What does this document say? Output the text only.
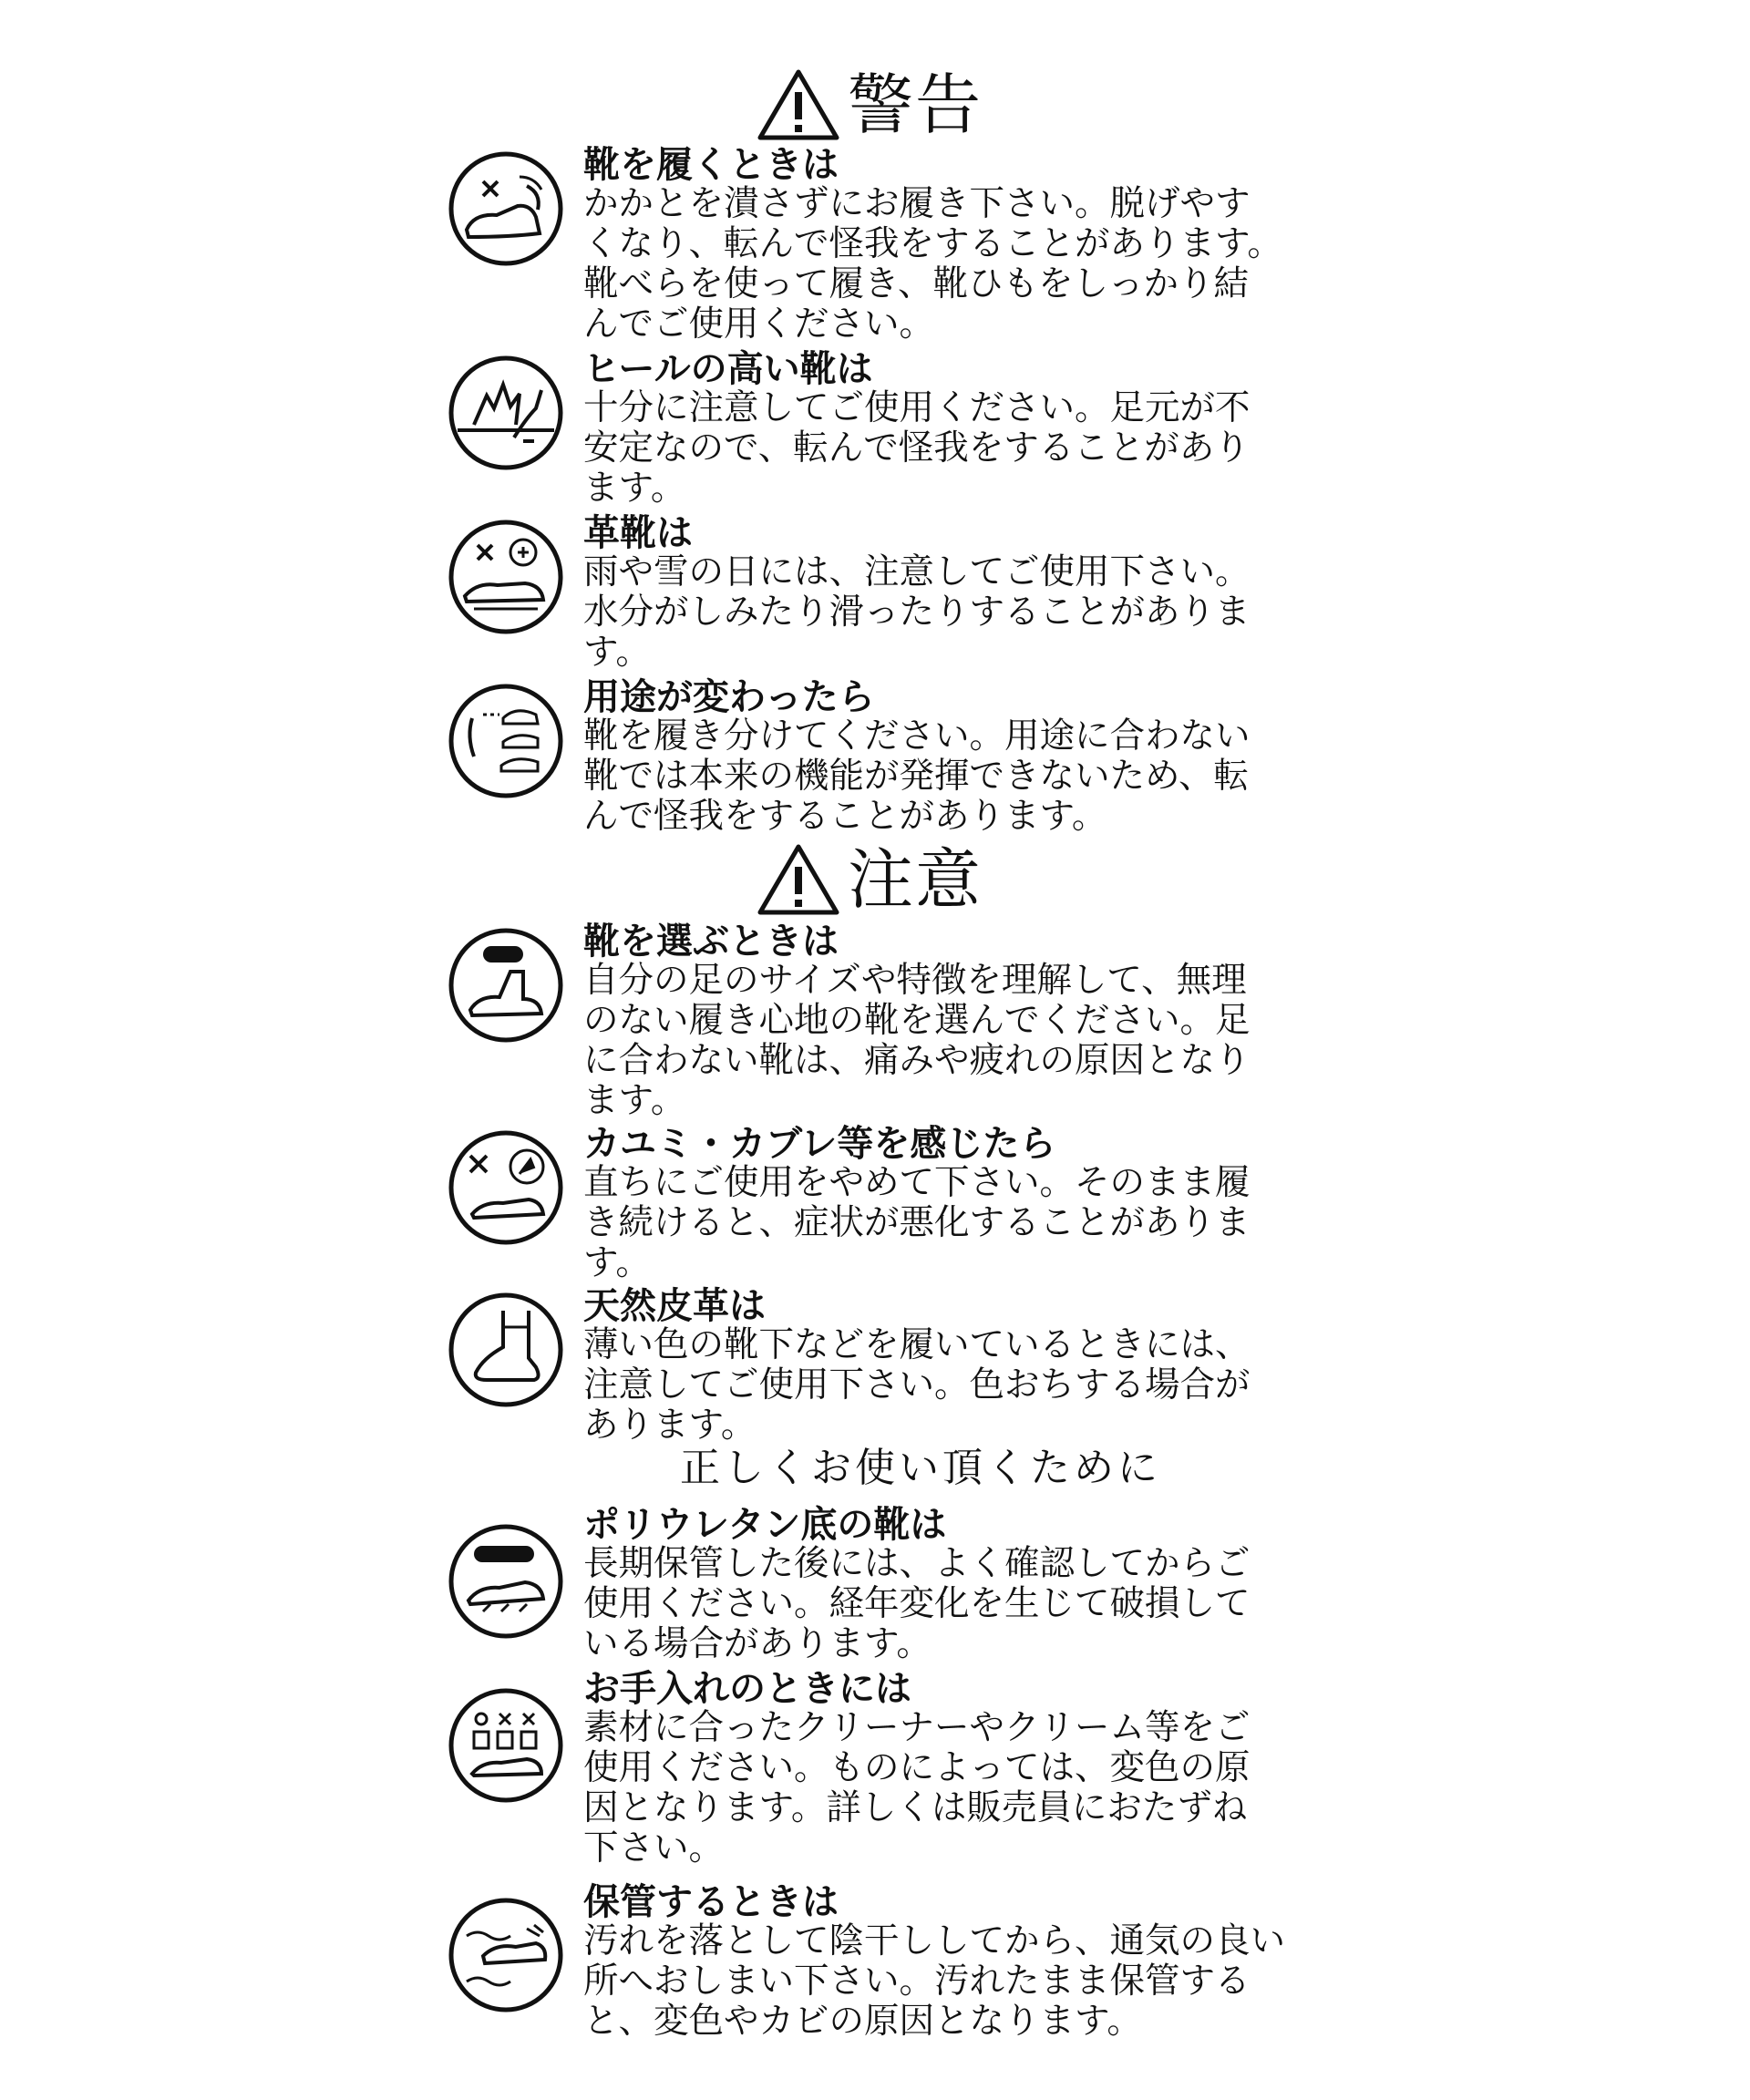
警告
靴を履くときは
かかとを潰さずにお履き下さい。脱げやす
くなり、転んで怪我をすることがあります。
靴べらを使って履き、靴ひもをしっかり結
んでご使用ください。
ヒールの高い靴は
十分に注意してご使用ください。足元が不
安定なので、転んで怪我をすることがあり
ます。
革靴は
雨や雪の日には、注意してご使用下さい。
水分がしみたり滑ったりすることがありま
す。
用途が変わったら
靴を履き分けてください。用途に合わない
靴では本来の機能が発揮できないため、転
んで怪我をすることがあります。
注意
靴を選ぶときは
自分の足のサイズや特徴を理解して、無理
のない履き心地の靴を選んでください。足
に合わない靴は、痛みや疲れの原因となり
ます。
カユミ・カブレ等を感じたら
直ちにご使用をやめて下さい。そのまま履
き続けると、症状が悪化することがありま
す。
天然皮革は
薄い色の靴下などを履いているときには、
注意してご使用下さい。色おちする場合が
あります。
正しくお使い頂くために
ポリウレタン底の靴は
長期保管した後には、よく確認してからご
使用ください。経年変化を生じて破損して
いる場合があります。
お手入れのときには
素材に合ったクリーナーやクリーム等をご
使用ください。ものによっては、変色の原
因となります。詳しくは販売員におたずね
下さい。
保管するときは
汚れを落として陰干ししてから、通気の良い
所へおしまい下さい。汚れたまま保管する
と、変色やカビの原因となります。
